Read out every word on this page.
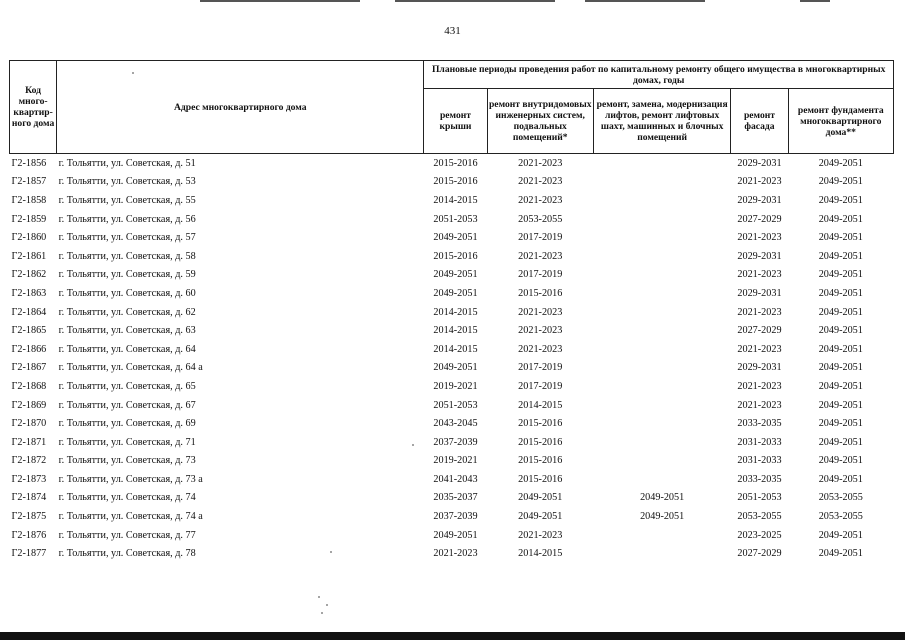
431
Код много-квартир-ного дома	Адрес многоквартирного дома	Плановые периоды проведения работ по капитальному ремонту общего имущества в многоквартирных домах, годы				
		ремонт крыши	ремонт внутридомовых инженерных систем, подвальных помещений*	ремонт, замена, модернизация лифтов, ремонт лифтовых шахт, машинных и блочных помещений	ремонт фасада	ремонт фундамента многоквартирного дома**
Г2-1856	г. Тольятти, ул. Советская, д. 51	2015-2016	2021-2023		2029-2031	2049-2051
Г2-1857	г. Тольятти, ул. Советская, д. 53	2015-2016	2021-2023		2021-2023	2049-2051
Г2-1858	г. Тольятти, ул. Советская, д. 55	2014-2015	2021-2023		2029-2031	2049-2051
Г2-1859	г. Тольятти, ул. Советская, д. 56	2051-2053	2053-2055		2027-2029	2049-2051
Г2-1860	г. Тольятти, ул. Советская, д. 57	2049-2051	2017-2019		2021-2023	2049-2051
Г2-1861	г. Тольятти, ул. Советская, д. 58	2015-2016	2021-2023		2029-2031	2049-2051
Г2-1862	г. Тольятти, ул. Советская, д. 59	2049-2051	2017-2019		2021-2023	2049-2051
Г2-1863	г. Тольятти, ул. Советская, д. 60	2049-2051	2015-2016		2029-2031	2049-2051
Г2-1864	г. Тольятти, ул. Советская, д. 62	2014-2015	2021-2023		2021-2023	2049-2051
Г2-1865	г. Тольятти, ул. Советская, д. 63	2014-2015	2021-2023		2027-2029	2049-2051
Г2-1866	г. Тольятти, ул. Советская, д. 64	2014-2015	2021-2023		2021-2023	2049-2051
Г2-1867	г. Тольятти, ул. Советская, д. 64 а	2049-2051	2017-2019		2029-2031	2049-2051
Г2-1868	г. Тольятти, ул. Советская, д. 65	2019-2021	2017-2019		2021-2023	2049-2051
Г2-1869	г. Тольятти, ул. Советская, д. 67	2051-2053	2014-2015		2021-2023	2049-2051
Г2-1870	г. Тольятти, ул. Советская, д. 69	2043-2045	2015-2016		2033-2035	2049-2051
Г2-1871	г. Тольятти, ул. Советская, д. 71	2037-2039	2015-2016		2031-2033	2049-2051
Г2-1872	г. Тольятти, ул. Советская, д. 73	2019-2021	2015-2016		2031-2033	2049-2051
Г2-1873	г. Тольятти, ул. Советская, д. 73 а	2041-2043	2015-2016		2033-2035	2049-2051
Г2-1874	г. Тольятти, ул. Советская, д. 74	2035-2037	2049-2051	2049-2051	2051-2053	2053-2055
Г2-1875	г. Тольятти, ул. Советская, д. 74 а	2037-2039	2049-2051	2049-2051	2053-2055	2053-2055
Г2-1876	г. Тольятти, ул. Советская, д. 77	2049-2051	2021-2023		2023-2025	2049-2051
Г2-1877	г. Тольятти, ул. Советская, д. 78	2021-2023	2014-2015		2027-2029	2049-2051
